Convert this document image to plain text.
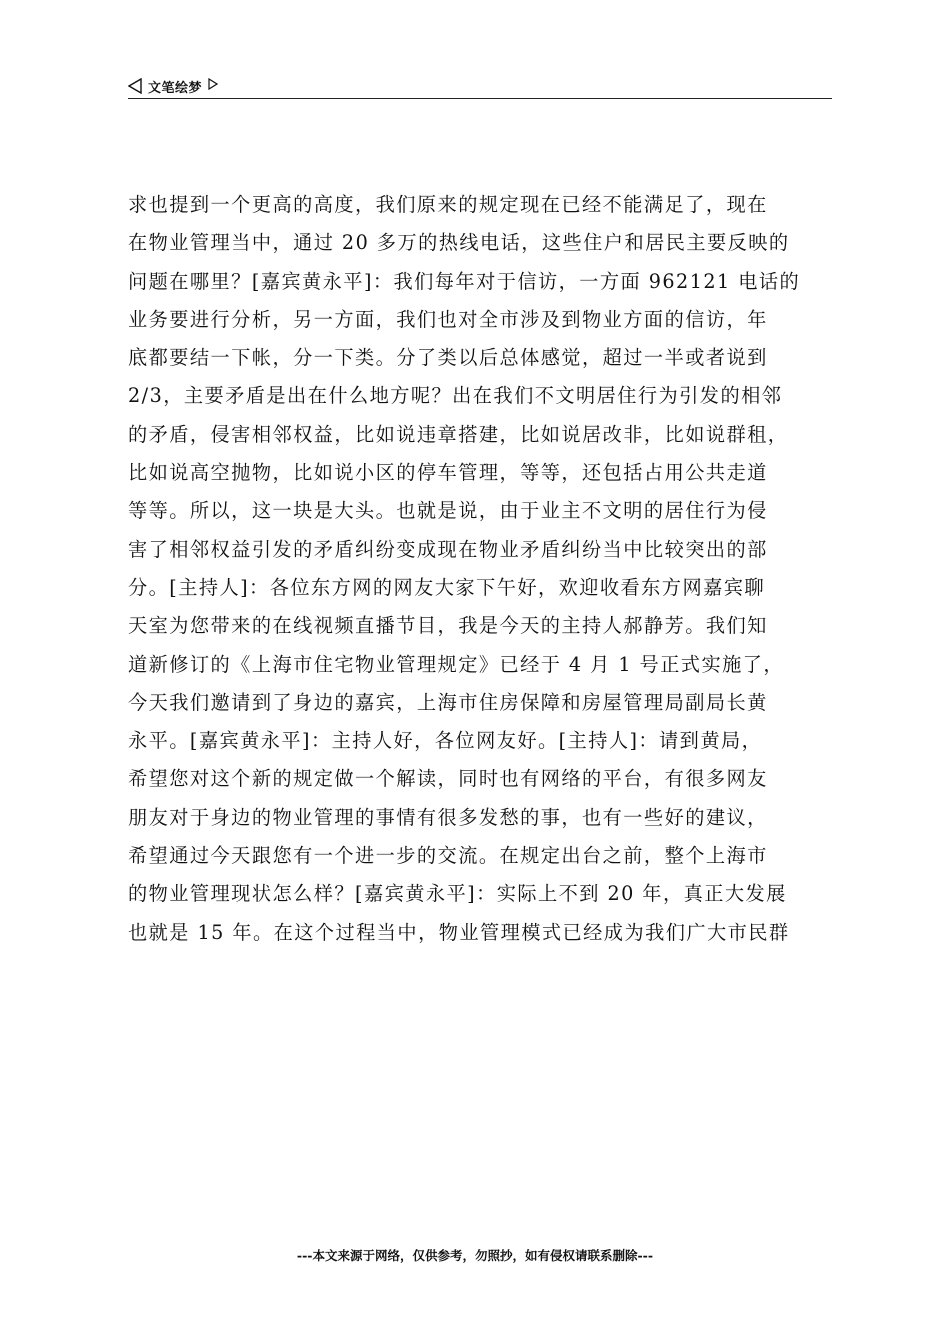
文笔绘梦
求也提到一个更高的高度，我们原来的规定现在已经不能满足了，现在
在物业管理当中，通过 20 多万的热线电话，这些住户和居民主要反映的
问题在哪里？[嘉宾黄永平]：我们每年对于信访，一方面 962121 电话的
业务要进行分析，另一方面，我们也对全市涉及到物业方面的信访，年
底都要结一下帐，分一下类。分了类以后总体感觉，超过一半或者说到
2/3，主要矛盾是出在什么地方呢？出在我们不文明居住行为引发的相邻
的矛盾，侵害相邻权益，比如说违章搭建，比如说居改非，比如说群租，
比如说高空抛物，比如说小区的停车管理，等等，还包括占用公共走道
等等。所以，这一块是大头。也就是说，由于业主不文明的居住行为侵
害了相邻权益引发的矛盾纠纷变成现在物业矛盾纠纷当中比较突出的部
分。[主持人]：各位东方网的网友大家下午好，欢迎收看东方网嘉宾聊
天室为您带来的在线视频直播节目，我是今天的主持人郝静芳。我们知
道新修订的《上海市住宅物业管理规定》已经于 4 月 1 号正式实施了，
今天我们邀请到了身边的嘉宾，上海市住房保障和房屋管理局副局长黄
永平。[嘉宾黄永平]：主持人好，各位网友好。[主持人]：请到黄局，
希望您对这个新的规定做一个解读，同时也有网络的平台，有很多网友
朋友对于身边的物业管理的事情有很多发愁的事，也有一些好的建议，
希望通过今天跟您有一个进一步的交流。在规定出台之前，整个上海市
的物业管理现状怎么样？[嘉宾黄永平]：实际上不到 20 年，真正大发展
也就是 15 年。在这个过程当中，物业管理模式已经成为我们广大市民群
---本文来源于网络，仅供参考，勿照抄，如有侵权请联系删除---
